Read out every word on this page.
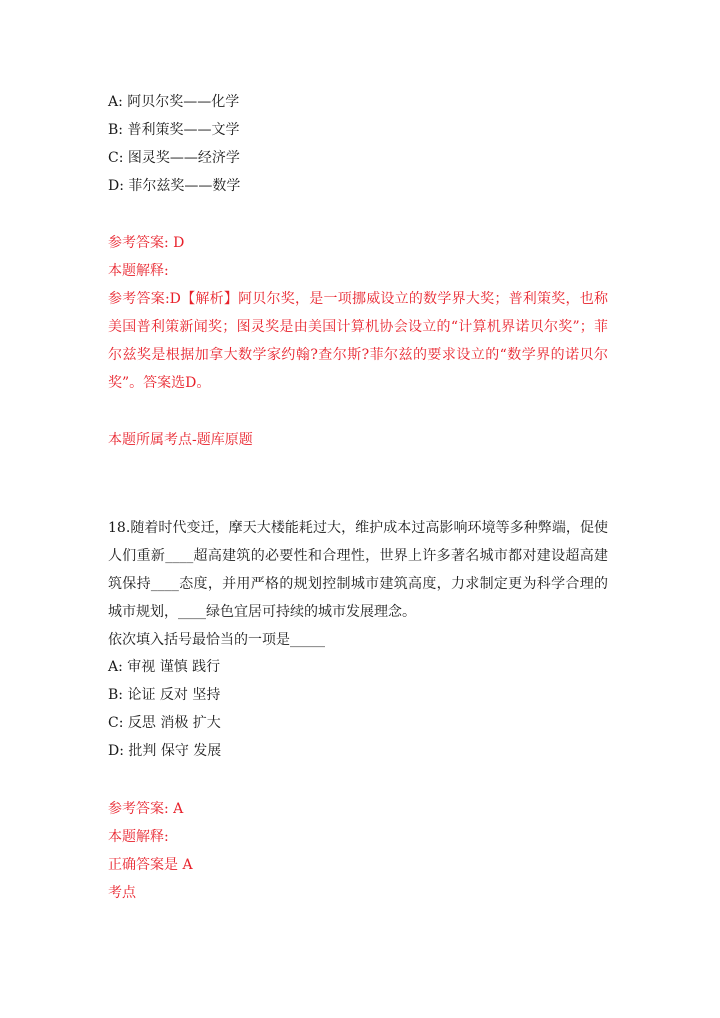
A: 阿贝尔奖——化学

B: 普利策奖——文学

C: 图灵奖——经济学

D: 菲尔兹奖——数学

参考答案: D

本题解释:

参考答案:D【解析】阿贝尔奖，是一项挪威设立的数学界大奖；普利策奖，也称美国普利策新闻奖；图灵奖是由美国计算机协会设立的“计算机界诺贝尔奖”；菲尔兹奖是根据加拿大数学家约翰?查尔斯?菲尔兹的要求设立的“数学界的诺贝尔奖”。答案选D。

本题所属考点-题库原题

18.随着时代变迁，摩天大楼能耗过大，维护成本过高影响环境等多种弊端，促使人们重新____超高建筑的必要性和合理性，世界上许多著名城市都对建设超高建筑保持____态度，并用严格的规划控制城市建筑高度，力求制定更为科学合理的城市规划，____绿色宜居可持续的城市发展理念。

依次填入括号最恰当的一项是_____

A: 审视 谨慎 践行

B: 论证 反对 坚持

C: 反思 消极 扩大

D: 批判 保守 发展

参考答案: A

本题解释:

正确答案是 A

考点
